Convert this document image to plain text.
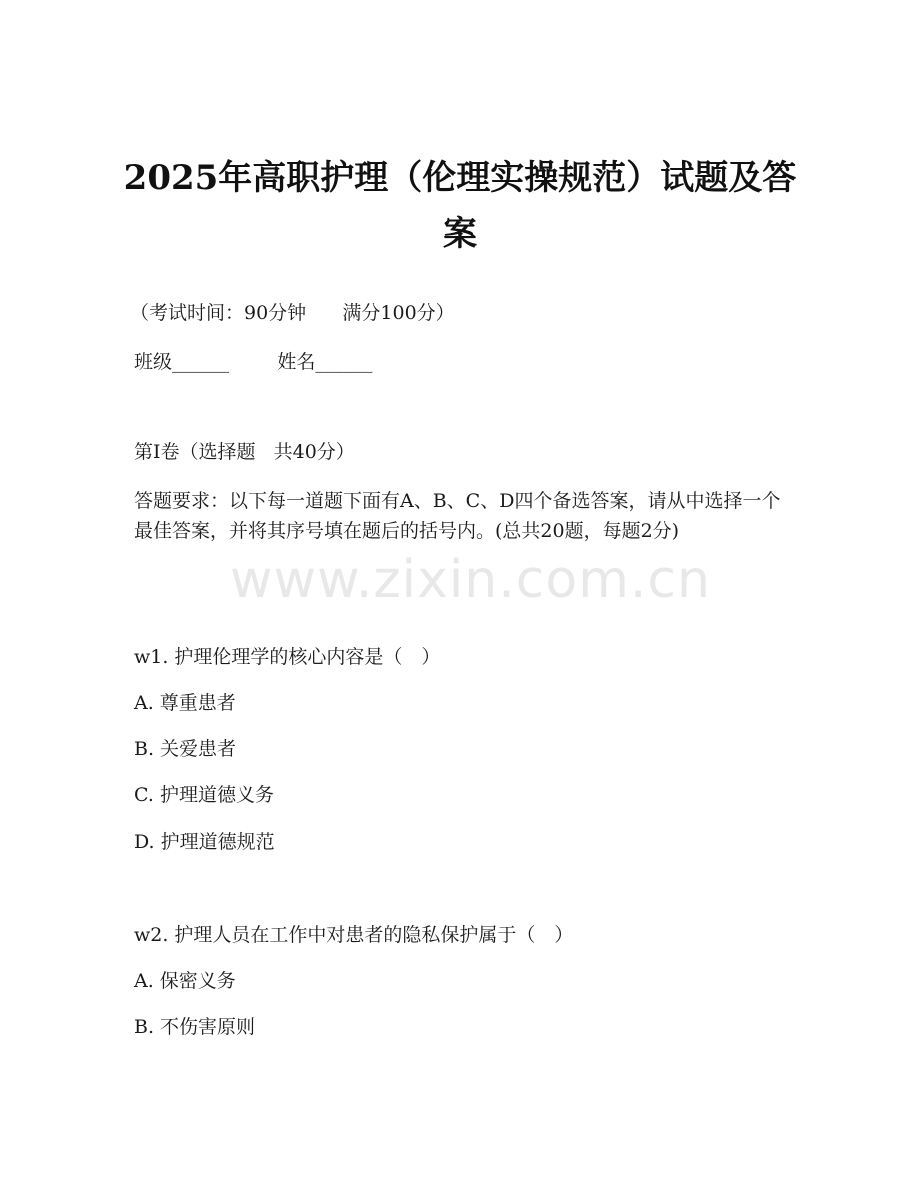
2025年高职护理（伦理实操规范）试题及答案
（考试时间：90分钟      满分100分）
班级______        姓名______
第I卷（选择题   共40分）
答题要求：以下每一道题下面有A、B、C、D四个备选答案，请从中选择一个最佳答案，并将其序号填在题后的括号内。(总共20题，每题2分)
www.zixin.com.cn
w1. 护理伦理学的核心内容是（　）
A. 尊重患者
B. 关爱患者
C. 护理道德义务
D. 护理道德规范
w2. 护理人员在工作中对患者的隐私保护属于（　）
A. 保密义务
B. 不伤害原则
